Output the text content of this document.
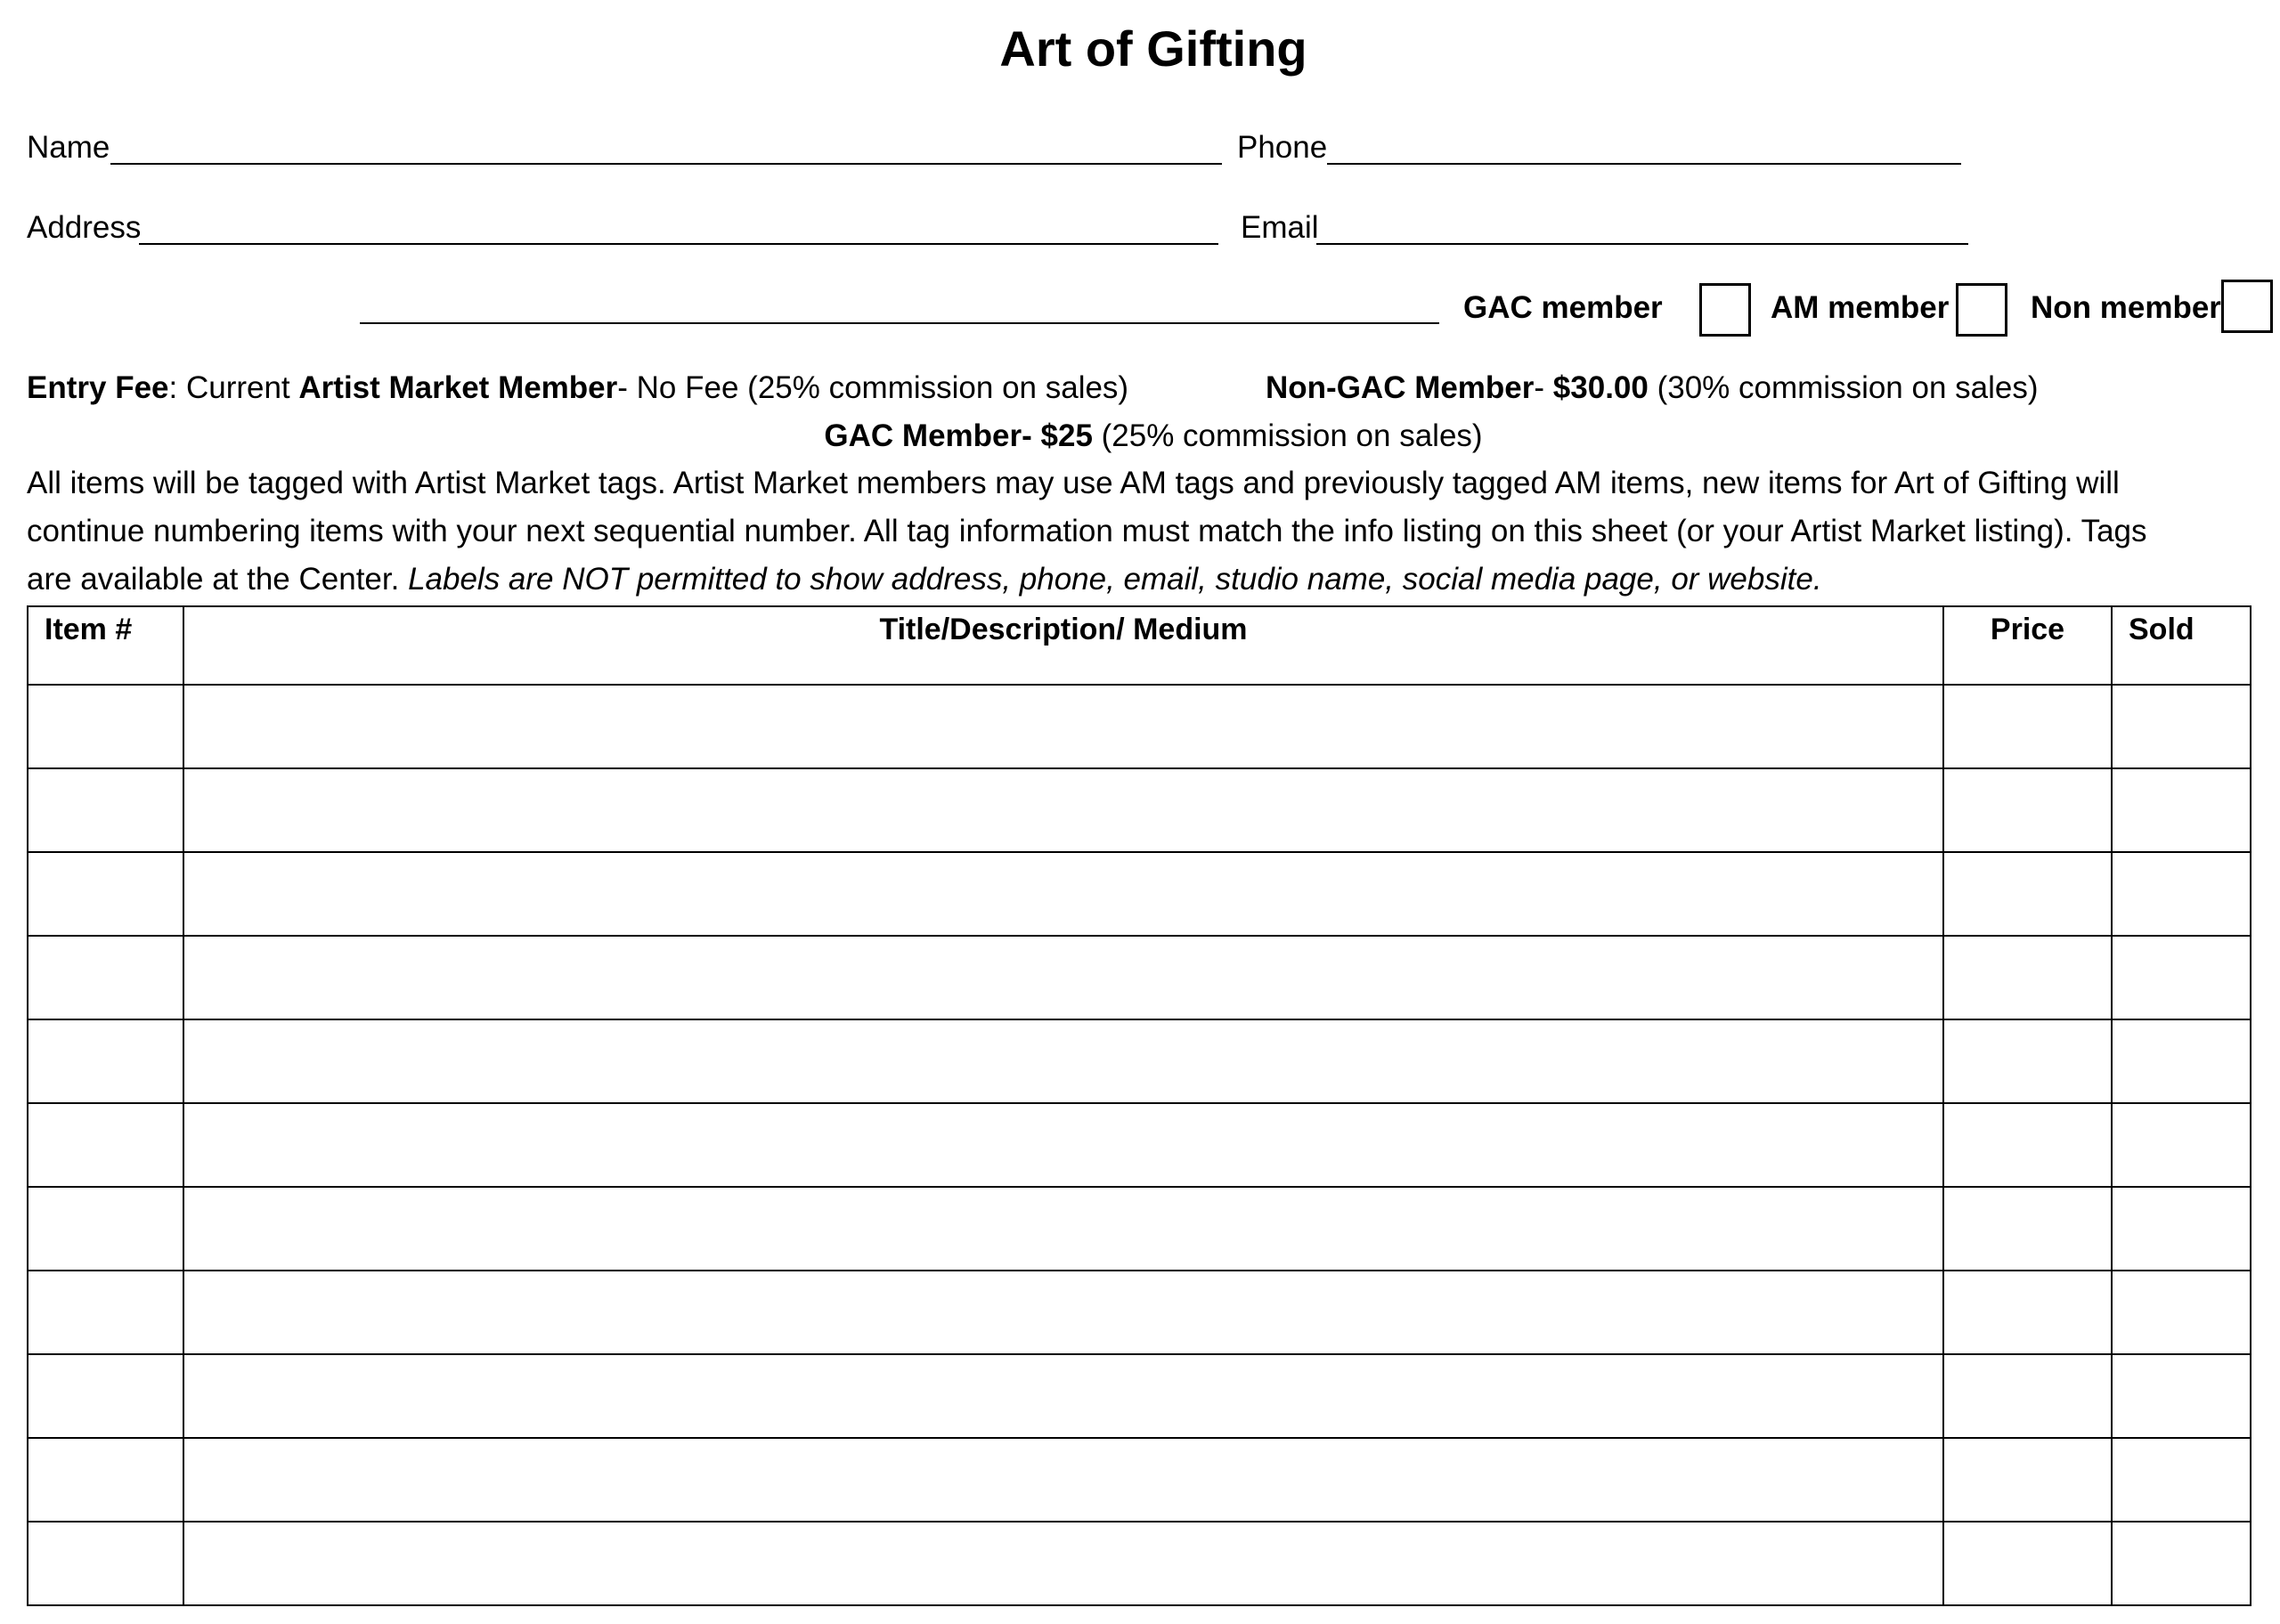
Art of Gifting
Name	Phone
Address	Email
GAC member	AM member	Non member
Entry Fee: Current Artist Market Member- No Fee (25% commission on sales)	Non-GAC Member- $30.00 (30% commission on sales)
GAC Member- $25 (25% commission on sales)
All items will be tagged with Artist Market tags. Artist Market members may use AM tags and previously tagged AM items, new items for Art of Gifting will
continue numbering items with your next sequential number. All tag information must match the info listing on this sheet (or your Artist Market listing). Tags
are available at the Center. Labels are NOT permitted to show address, phone, email, studio name, social media page, or website.
Item #	Title/Description/ Medium	Price	Sold
